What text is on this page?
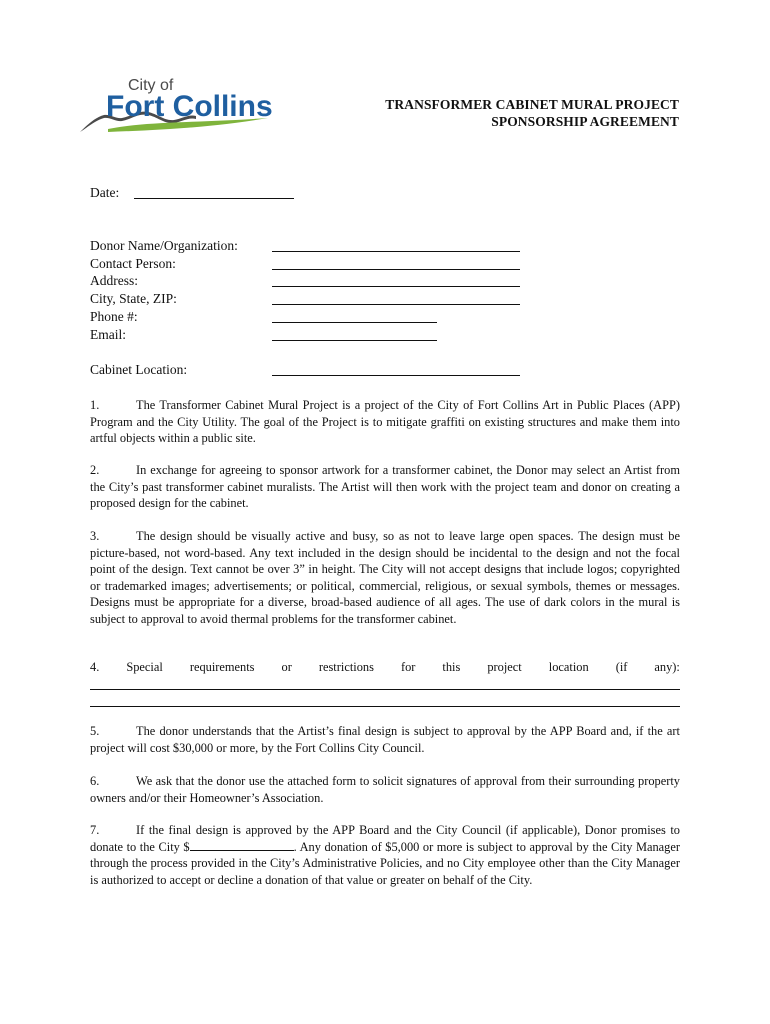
City of
Fort Collins	TRANSFORMER CABINET MURAL PROJECT
SPONSORSHIP AGREEMENT
Date:
Donor Name/Organization:
Contact Person:
Address:
City, State, ZIP:
Phone #:
Email:
Cabinet Location:
1.	The Transformer Cabinet Mural Project is a project of the City of Fort Collins Art in Public Places (APP) Program and the City Utility. The goal of the Project is to mitigate graffiti on existing structures and make them into artful objects within a public site.
2.	In exchange for agreeing to sponsor artwork for a transformer cabinet, the Donor may select an Artist from the City’s past transformer cabinet muralists. The Artist will then work with the project team and donor on creating a proposed design for the cabinet.
3.	The design should be visually active and busy, so as not to leave large open spaces. The design must be picture-based, not word-based. Any text included in the design should be incidental to the design and not the focal point of the design. Text cannot be over 3” in height. The City will not accept designs that include logos; copyrighted or trademarked images; advertisements; or political, commercial, religious, or sexual symbols, themes or messages. Designs must be appropriate for a diverse, broad-based audience of all ages. The use of dark colors in the mural is subject to approval to avoid thermal problems for the transformer cabinet.
4. Special requirements or restrictions for this project location (if any):
5.	The donor understands that the Artist’s final design is subject to approval by the APP Board and, if the art project will cost $30,000 or more, by the Fort Collins City Council.
6.	We ask that the donor use the attached form to solicit signatures of approval from their surrounding property owners and/or their Homeowner’s Association.
7.	If the final design is approved by the APP Board and the City Council (if applicable), Donor promises to donate to the City $	. Any donation of $5,000 or more is subject to approval by the City Manager through the process provided in the City’s Administrative Policies, and no City employee other than the City Manager is authorized to accept or decline a donation of that value or greater on behalf of the City.
